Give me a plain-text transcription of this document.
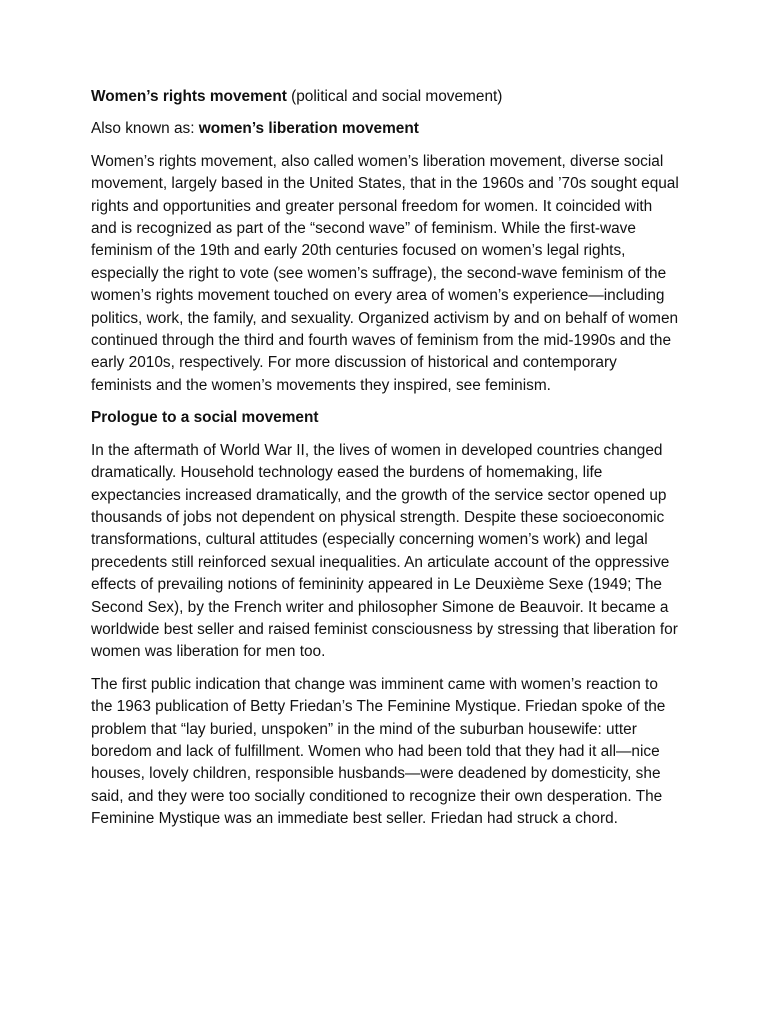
Women’s rights movement (political and social movement)

Also known as: women’s liberation movement

Women’s rights movement, also called women’s liberation movement, diverse social movement, largely based in the United States, that in the 1960s and ’70s sought equal rights and opportunities and greater personal freedom for women. It coincided with and is recognized as part of the “second wave” of feminism. While the first-wave feminism of the 19th and early 20th centuries focused on women’s legal rights, especially the right to vote (see women’s suffrage), the second-wave feminism of the women’s rights movement touched on every area of women’s experience—including politics, work, the family, and sexuality. Organized activism by and on behalf of women continued through the third and fourth waves of feminism from the mid-1990s and the early 2010s, respectively. For more discussion of historical and contemporary feminists and the women’s movements they inspired, see feminism.

Prologue to a social movement

In the aftermath of World War II, the lives of women in developed countries changed dramatically. Household technology eased the burdens of homemaking, life expectancies increased dramatically, and the growth of the service sector opened up thousands of jobs not dependent on physical strength. Despite these socioeconomic transformations, cultural attitudes (especially concerning women’s work) and legal precedents still reinforced sexual inequalities. An articulate account of the oppressive effects of prevailing notions of femininity appeared in Le Deuxième Sexe (1949; The Second Sex), by the French writer and philosopher Simone de Beauvoir. It became a worldwide best seller and raised feminist consciousness by stressing that liberation for women was liberation for men too.

The first public indication that change was imminent came with women’s reaction to the 1963 publication of Betty Friedan’s The Feminine Mystique. Friedan spoke of the problem that “lay buried, unspoken” in the mind of the suburban housewife: utter boredom and lack of fulfillment. Women who had been told that they had it all—nice houses, lovely children, responsible husbands—were deadened by domesticity, she said, and they were too socially conditioned to recognize their own desperation. The Feminine Mystique was an immediate best seller. Friedan had struck a chord.
